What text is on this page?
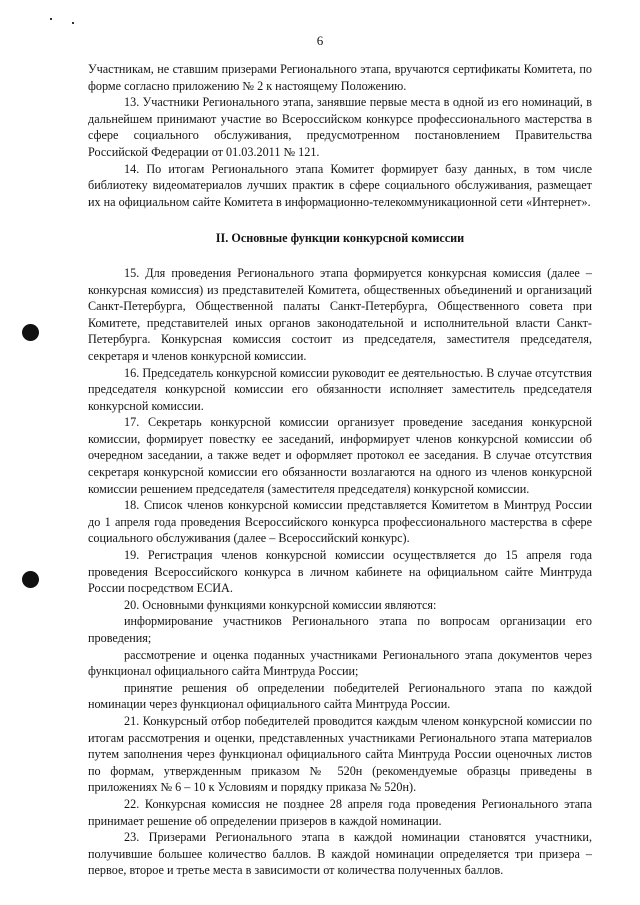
6

Участникам, не ставшим призерами Регионального этапа, вручаются сертификаты Комитета, по форме согласно приложению № 2 к настоящему Положению.

13. Участники Регионального этапа, занявшие первые места в одной из его номинаций, в дальнейшем принимают участие во Всероссийском конкурсе профессионального мастерства в сфере социального обслуживания, предусмотренном постановлением Правительства Российской Федерации от 01.03.2011 № 121.

14. По итогам Регионального этапа Комитет формирует базу данных, в том числе библиотеку видеоматериалов лучших практик в сфере социального обслуживания, размещает их на официальном сайте Комитета в информационно-телекоммуникационной сети «Интернет».

II. Основные функции конкурсной комиссии

15. Для проведения Регионального этапа формируется конкурсная комиссия (далее – конкурсная комиссия) из представителей Комитета, общественных объединений и организаций Санкт-Петербурга, Общественной палаты Санкт-Петербурга, Общественного совета при Комитете, представителей иных органов законодательной и исполнительной власти Санкт-Петербурга. Конкурсная комиссия состоит из председателя, заместителя председателя, секретаря и членов конкурсной комиссии.

16. Председатель конкурсной комиссии руководит ее деятельностью. В случае отсутствия председателя конкурсной комиссии его обязанности исполняет заместитель председателя конкурсной комиссии.

17. Секретарь конкурсной комиссии организует проведение заседания конкурсной комиссии, формирует повестку ее заседаний, информирует членов конкурсной комиссии об очередном заседании, а также ведет и оформляет протокол ее заседания. В случае отсутствия секретаря конкурсной комиссии его обязанности возлагаются на одного из членов конкурсной комиссии решением председателя (заместителя председателя) конкурсной комиссии.

18. Список членов конкурсной комиссии представляется Комитетом в Минтруд России до 1 апреля года проведения Всероссийского конкурса профессионального мастерства в сфере социального обслуживания (далее – Всероссийский конкурс).

19. Регистрация членов конкурсной комиссии осуществляется до 15 апреля года проведения Всероссийского конкурса в личном кабинете на официальном сайте Минтруда России посредством ЕСИА.

20. Основными функциями конкурсной комиссии являются:

информирование участников Регионального этапа по вопросам организации его проведения;

рассмотрение и оценка поданных участниками Регионального этапа документов через функционал официального сайта Минтруда России;

принятие решения об определении победителей Регионального этапа по каждой номинации через функционал официального сайта Минтруда России.

21. Конкурсный отбор победителей проводится каждым членом конкурсной комиссии по итогам рассмотрения и оценки, представленных участниками Регионального этапа материалов путем заполнения через функционал официального сайта Минтруда России оценочных листов по формам, утвержденным приказом № 520н (рекомендуемые образцы приведены в приложениях № 6 – 10 к Условиям и порядку приказа № 520н).

22. Конкурсная комиссия не позднее 28 апреля года проведения Регионального этапа принимает решение об определении призеров в каждой номинации.

23. Призерами Регионального этапа в каждой номинации становятся участники, получившие большее количество баллов. В каждой номинации определяется три призера – первое, второе и третье места в зависимости от количества полученных баллов.
